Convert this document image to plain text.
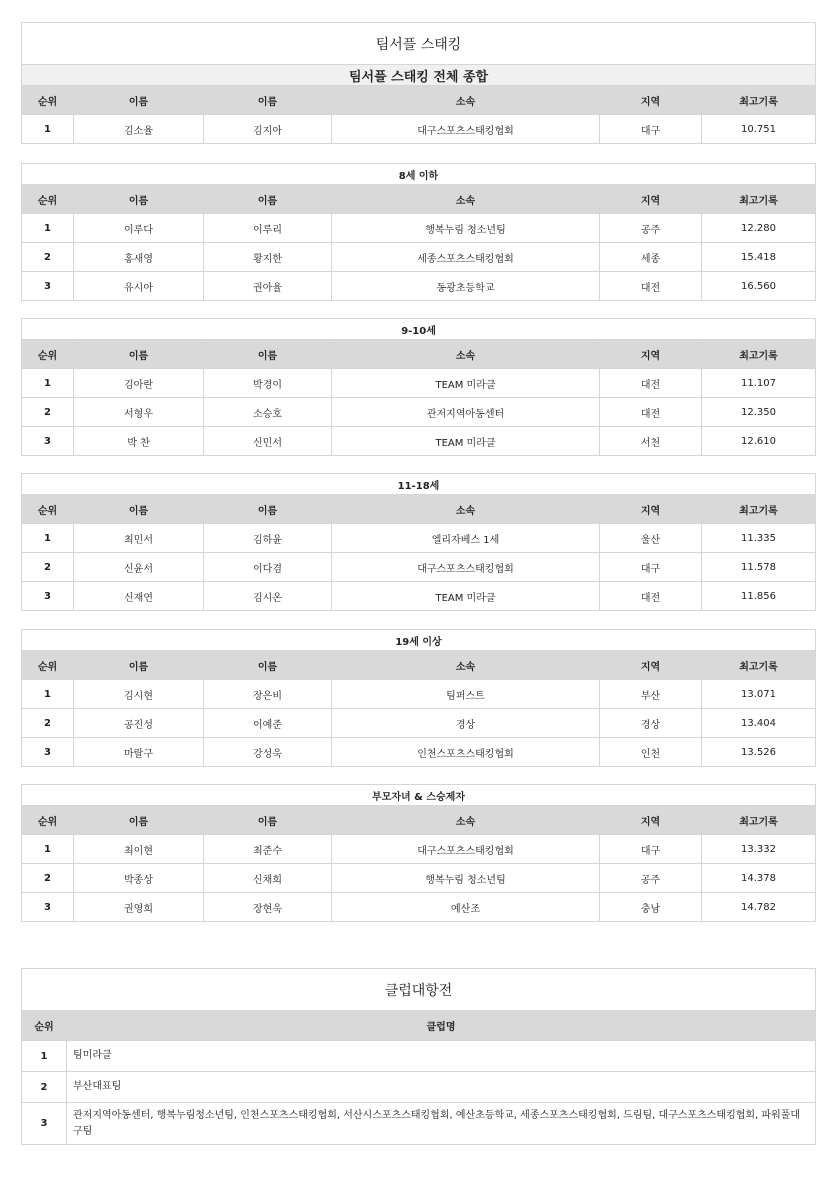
팀서플 스태킹					
팀서플 스태킹 전체 종합					
순위	이름	이름	소속	지역	최고기록
1	김소율	김지아	대구스포츠스태킹협회	대구	10.751
8세 이하					
순위	이름	이름	소속	지역	최고기록
1	이루다	이루리	행복누림 청소년팀	공주	12.280
2	홍새영	황지한	세종스포츠스태킹협회	세종	15.418
3	유시아	권아율	동광초등학교	대전	16.560
9-10세					
순위	이름	이름	소속	지역	최고기록
1	김아란	박경이	TEAM 미라클	대전	11.107
2	서형우	소승호	관저지역아동센터	대전	12.350
3	박 찬	신민서	TEAM 미라클	서천	12.610
11-18세					
순위	이름	이름	소속	지역	최고기록
1	최민서	김하윤	엘리자베스 1세	울산	11.335
2	신윤서	이다겸	대구스포츠스태킹협회	대구	11.578
3	신재연	김시온	TEAM 미라클	대전	11.856
19세 이상					
순위	이름	이름	소속	지역	최고기록
1	김시현	장은비	팀퍼스트	부산	13.071
2	공진성	이예준	경상	경상	13.404
3	마랄구	강성욱	인천스포츠스태킹협회	인천	13.526
부모자녀 & 스승제자					
순위	이름	이름	소속	지역	최고기록
1	최이현	최준수	대구스포츠스태킹협회	대구	13.332
2	박종상	신채희	행복누림 청소년팀	공주	14.378
3	권영희	장현욱	예산조	충남	14.782
클럽대항전	
순위	클럽명
1	팀미라클
2	부산대표팀
3	관저지역아동센터, 행복누림청소년팀, 인천스포츠스태킹협회, 서산시스포츠스태킹협회, 예산초등학교, 세종스포츠스태킹협회, 드림팀, 대구스포츠스태킹협회, 파워풀대구팀
